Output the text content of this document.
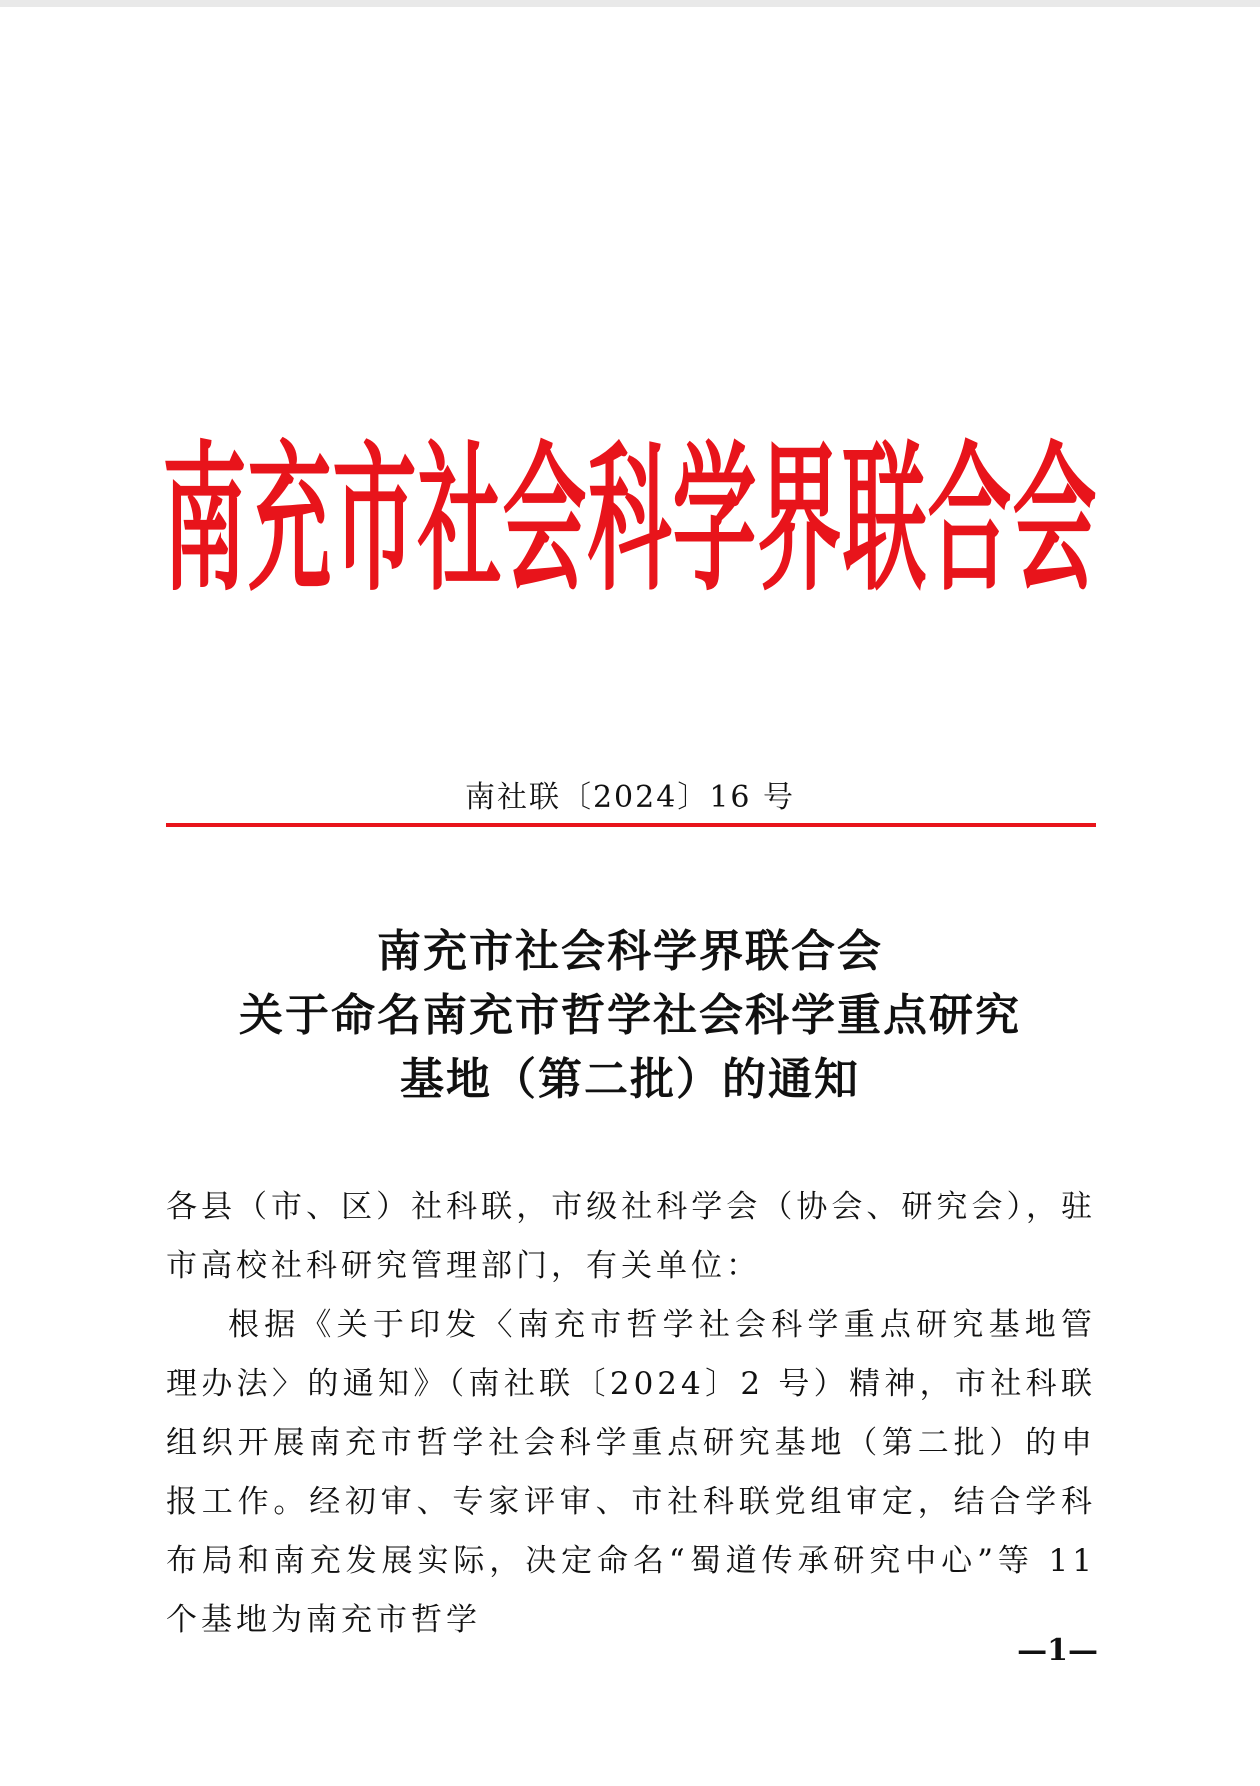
南充市社会科学界联合会
南社联〔2024〕16 号
南充市社会科学界联合会
关于命名南充市哲学社会科学重点研究
基地（第二批）的通知

各县（市、区）社科联，市级社科学会（协会、研究会），驻市高校社科研究管理部门，有关单位：

根据《关于印发〈南充市哲学社会科学重点研究基地管理办法〉的通知》（南社联〔2024〕2 号）精神，市社科联组织开展南充市哲学社会科学重点研究基地（第二批）的申报工作。经初审、专家评审、市社科联党组审定，结合学科布局和南充发展实际，决定命名“蜀道传承研究中心”等 11 个基地为南充市哲学

—1—
